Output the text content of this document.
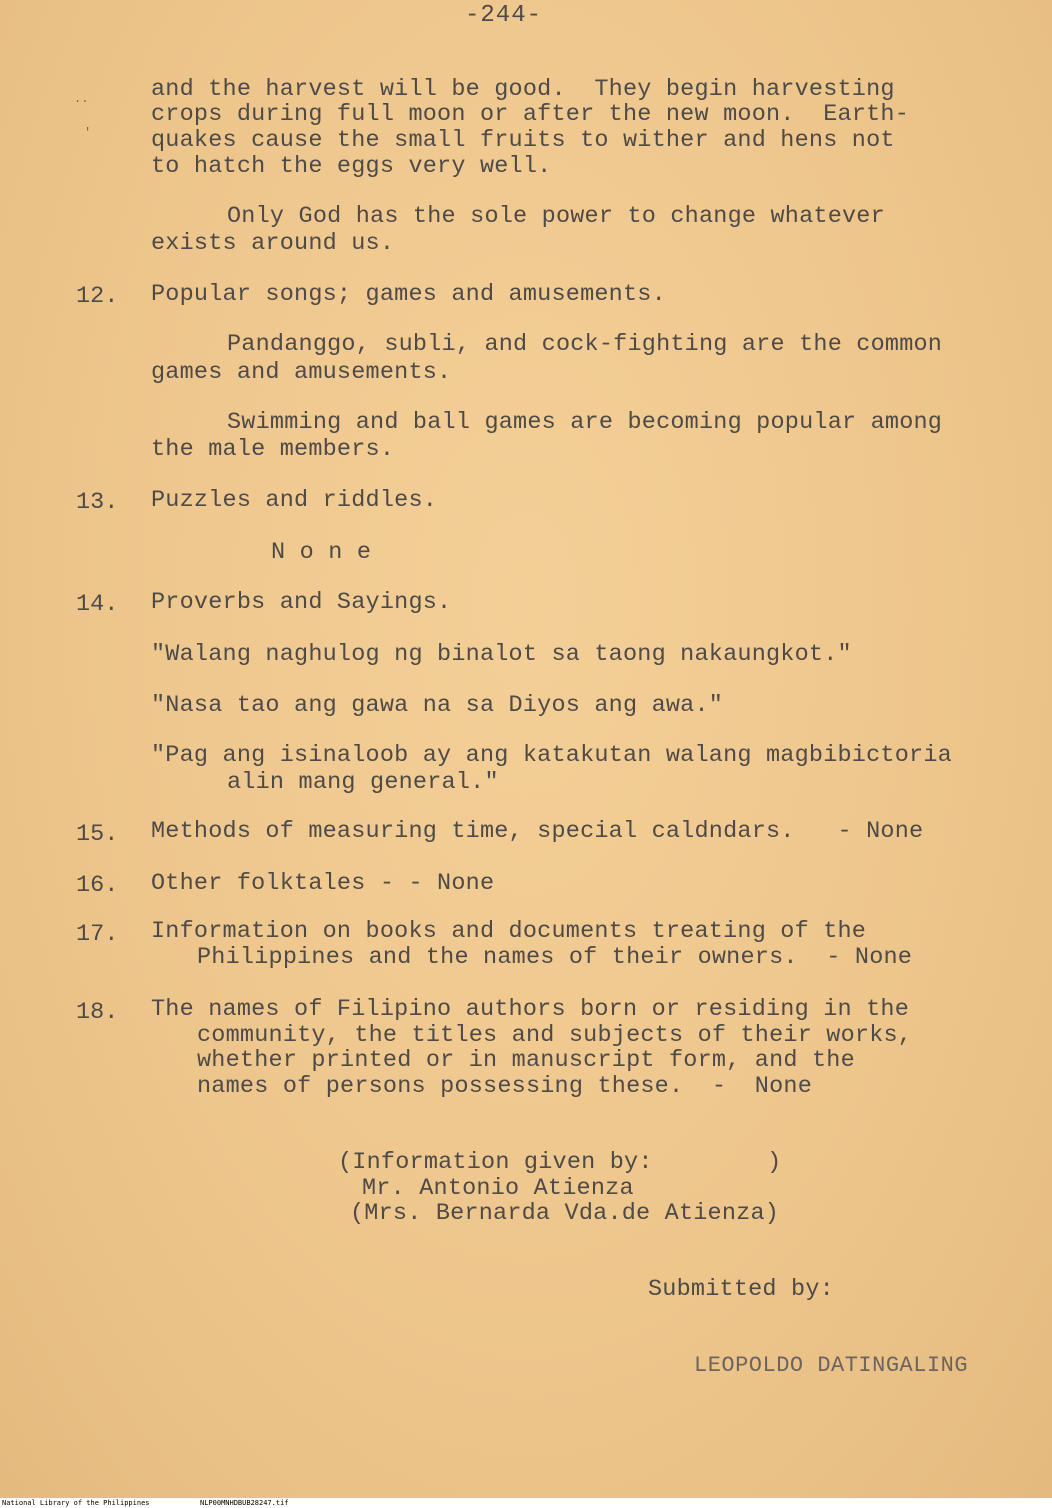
-244-
..
'
and the harvest will be good.  They begin harvesting
crops during full moon or after the new moon.  Earth-
quakes cause the small fruits to wither and hens not
to hatch the eggs very well.
Only God has the sole power to change whatever
exists around us.
12. Popular songs; games and amusements.
Pandanggo, subli, and cock-fighting are the common
games and amusements.
Swimming and ball games are becoming popular among
the male members.
13. Puzzles and riddles.
N o n e
14. Proverbs and Sayings.
"Walang naghulog ng binalot sa taong nakaungkot."
"Nasa tao ang gawa na sa Diyos ang awa."
"Pag ang isinaloob ay ang katakutan walang magbibictoria
alin mang general."
15. Methods of measuring time, special caldndars.   - None
16. Other folktales - - None
17. Information on books and documents treating of the
Philippines and the names of their owners.  - None
18. The names of Filipino authors born or residing in the
community, the titles and subjects of their works,
whether printed or in manuscript form, and the
names of persons possessing these.  -  None
(Information given by:        )
Mr. Antonio Atienza
(Mrs. Bernarda Vda.de Atienza)
Submitted by:
LEOPOLDO DATINGALING
National Library of the Philippines	NLP00MNHDBUB28247.tif
